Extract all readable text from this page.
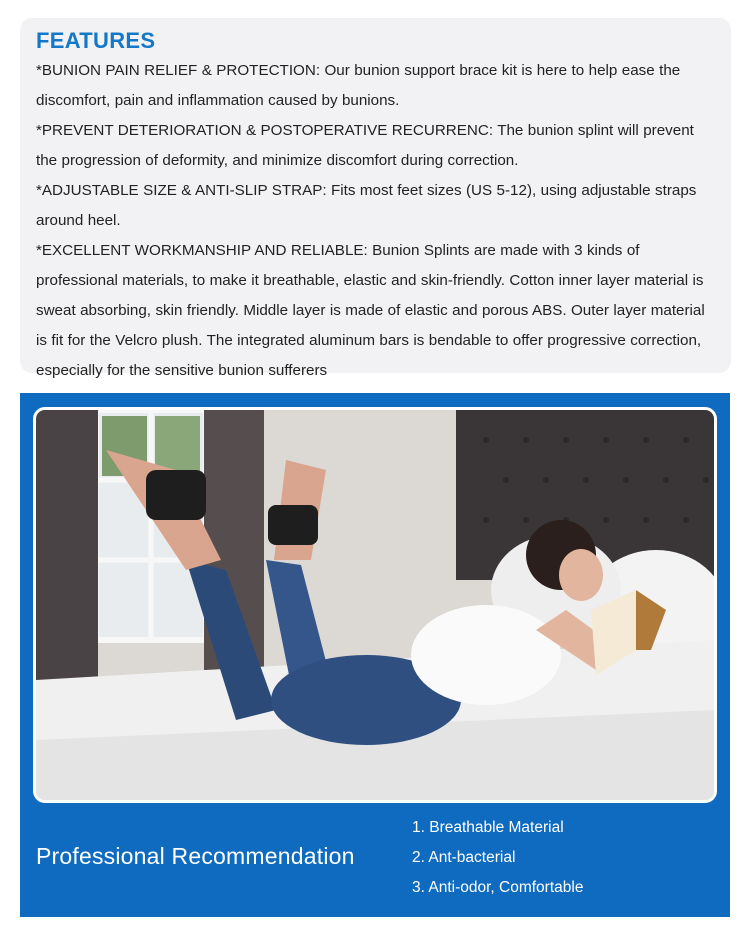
FEATURES

*BUNION PAIN RELIEF & PROTECTION: Our bunion support brace kit is here to help ease the discomfort, pain and inflammation caused by bunions.

*PREVENT DETERIORATION & POSTOPERATIVE RECURRENC: The bunion splint will prevent the progression of deformity, and minimize discomfort during correction.

*ADJUSTABLE SIZE & ANTI-SLIP STRAP: Fits most feet sizes (US 5-12), using adjustable straps around heel.

*EXCELLENT WORKMANSHIP AND RELIABLE: Bunion Splints are made with 3 kinds of professional materials, to make it breathable, elastic and skin-friendly. Cotton inner layer material is sweat absorbing, skin friendly. Middle layer is made of elastic and porous ABS. Outer layer material is fit for the Velcro plush. The integrated aluminum bars is bendable to offer progressive correction, especially for the sensitive bunion sufferers

Professional Recommendation
1. Breathable Material
2. Ant-bacterial
3. Anti-odor, Comfortable
